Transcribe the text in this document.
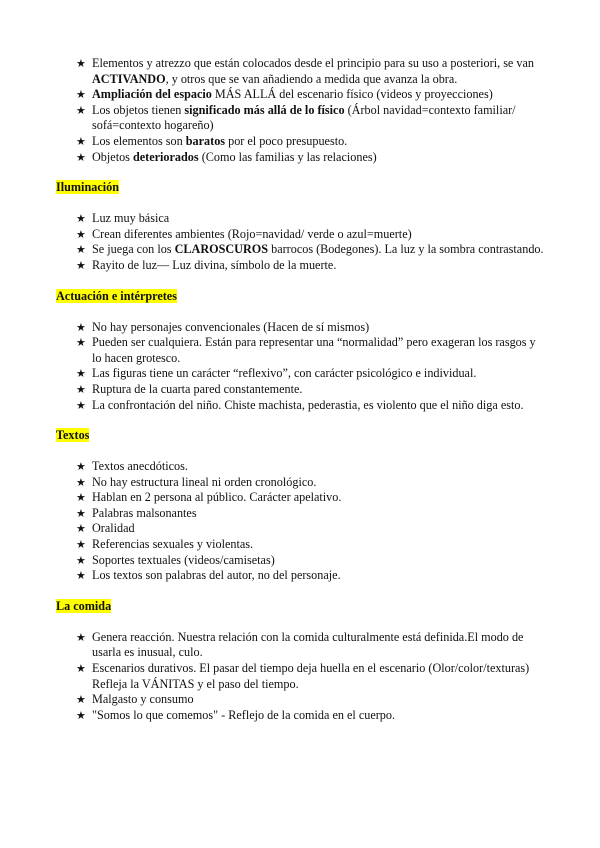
★ Elementos y atrezzo que están colocados desde el principio para su uso a posteriori, se van ACTIVANDO, y otros que se van añadiendo a medida que avanza la obra.
★ Ampliación del espacio MÁS ALLÁ del escenario físico (videos y proyecciones)
★ Los objetos tienen significado más allá de lo físico (Árbol navidad=contexto familiar/ sofá=contexto hogareño)
★ Los elementos son baratos por el poco presupuesto.
★ Objetos deteriorados (Como las familias y las relaciones)
Iluminación
★ Luz muy básica
★ Crean diferentes ambientes (Rojo=navidad/ verde o azul=muerte)
★ Se juega con los CLAROSCUROS barrocos (Bodegones). La luz y la sombra contrastando.
★ Rayito de luz— Luz divina, símbolo de la muerte.
Actuación e intérpretes
★ No hay personajes convencionales (Hacen de sí mismos)
★ Pueden ser cualquiera. Están para representar una “normalidad” pero exageran los rasgos y lo hacen grotesco.
★ Las figuras tiene un carácter “reflexivo”, con carácter psicológico e individual.
★ Ruptura de la cuarta pared constantemente.
★ La confrontación del niño. Chiste machista, pederastia, es violento que el niño diga esto.
Textos
★ Textos anecdóticos.
★ No hay estructura lineal ni orden cronológico.
★ Hablan en 2 persona al público. Carácter apelativo.
★ Palabras malsonantes
★ Oralidad
★ Referencias sexuales y violentas.
★ Soportes textuales (videos/camisetas)
★ Los textos son palabras del autor, no del personaje.
La comida
★ Genera reacción. Nuestra relación con la comida culturalmente está definida.El modo de usarla es inusual, culo.
★ Escenarios durativos. El pasar del tiempo deja huella en el escenario (Olor/color/texturas) Refleja la VÁNITAS y el paso del tiempo.
★ Malgasto y consumo
★ "Somos lo que comemos" - Reflejo de la comida en el cuerpo.
